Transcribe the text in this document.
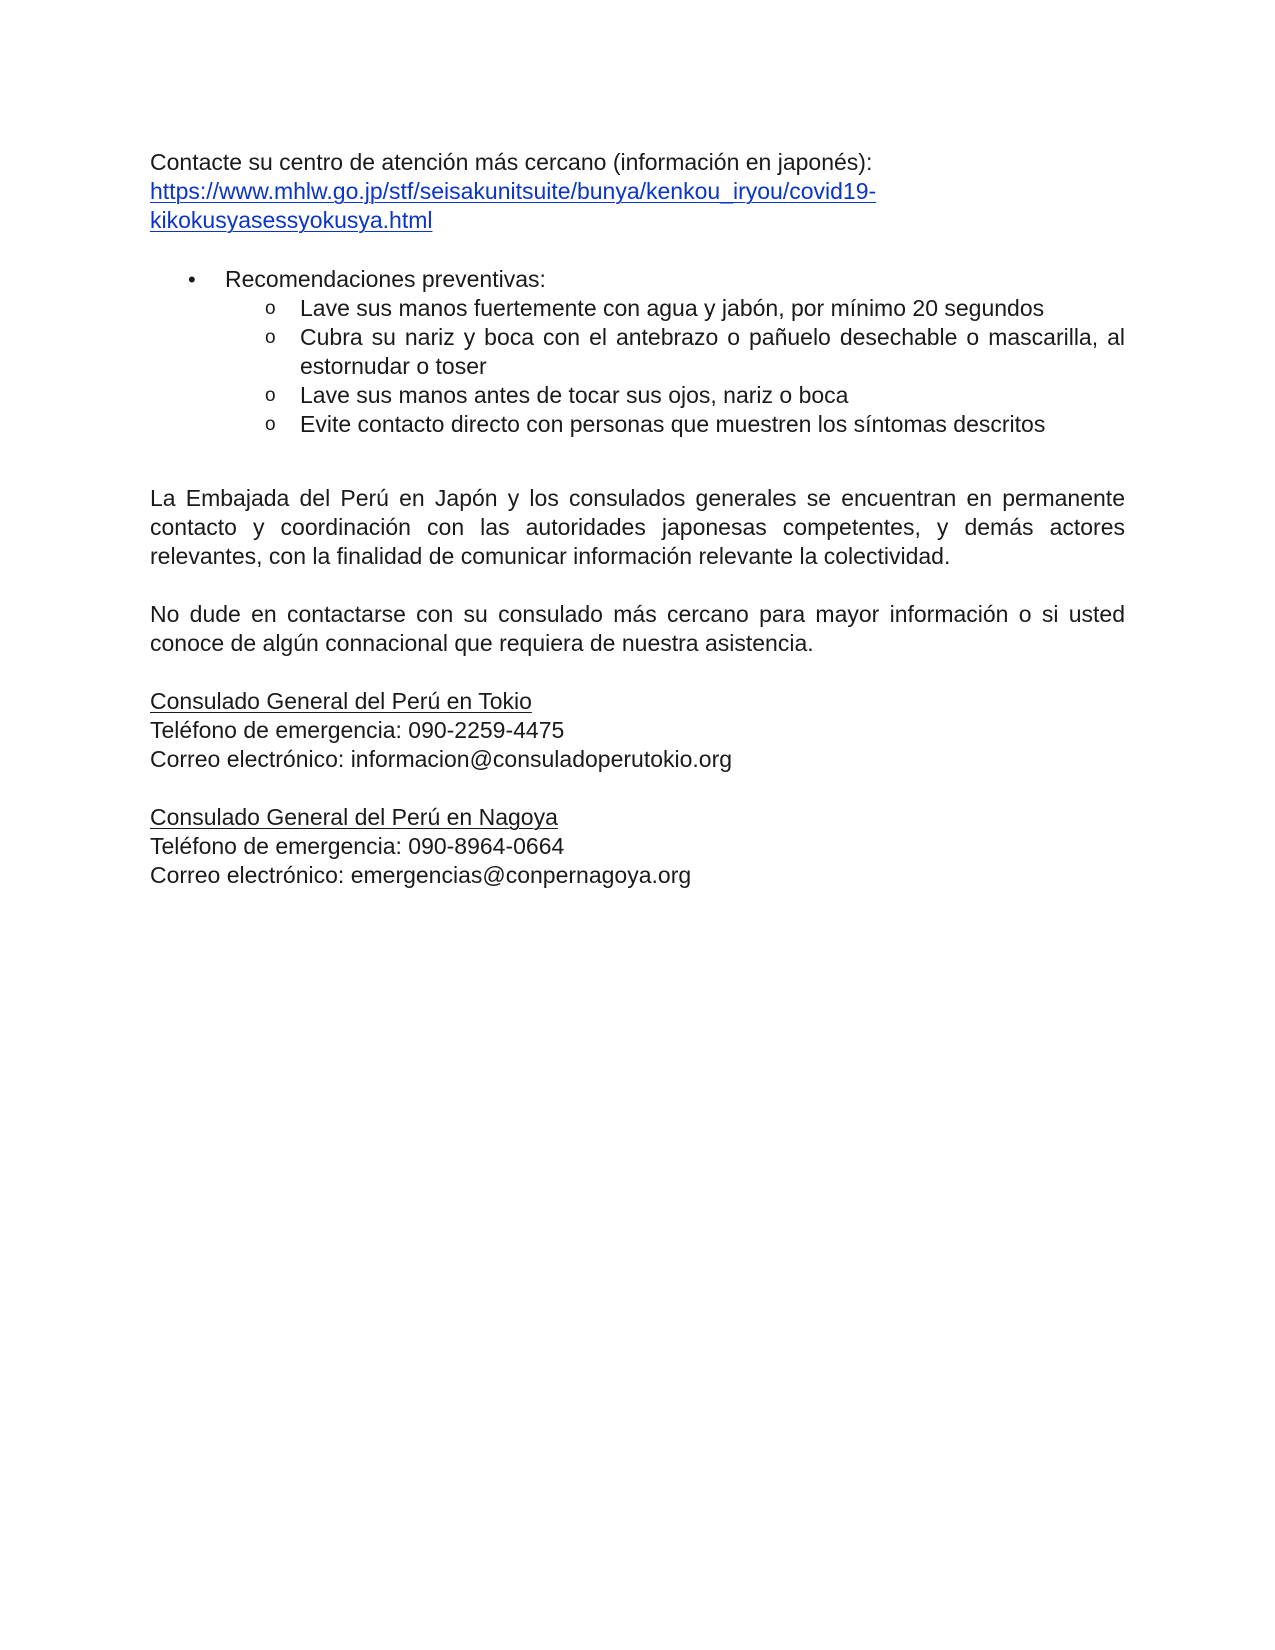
Contacte su centro de atención más cercano (información en japonés):

https://www.mhlw.go.jp/stf/seisakunitsuite/bunya/kenkou_iryou/covid19-
kikokusyasessyokusya.html
• Recomendaciones preventivas:
o Lave sus manos fuertemente con agua y jabón, por mínimo 20 segundos
o Cubra su nariz y boca con el antebrazo o pañuelo desechable o mascarilla, al estornudar o toser
o Lave sus manos antes de tocar sus ojos, nariz o boca
o Evite contacto directo con personas que muestren los síntomas descritos

La Embajada del Perú en Japón y los consulados generales se encuentran en permanente contacto y coordinación con las autoridades japonesas competentes, y demás actores relevantes, con la finalidad de comunicar información relevante la colectividad.

No dude en contactarse con su consulado más cercano para mayor información o si usted conoce de algún connacional que requiera de nuestra asistencia.

Consulado General del Perú en Tokio

Teléfono de emergencia: 090-2259-4475

Correo electrónico: informacion@consuladoperutokio.org

Consulado General del Perú en Nagoya

Teléfono de emergencia: 090-8964-0664

Correo electrónico: emergencias@conpernagoya.org
